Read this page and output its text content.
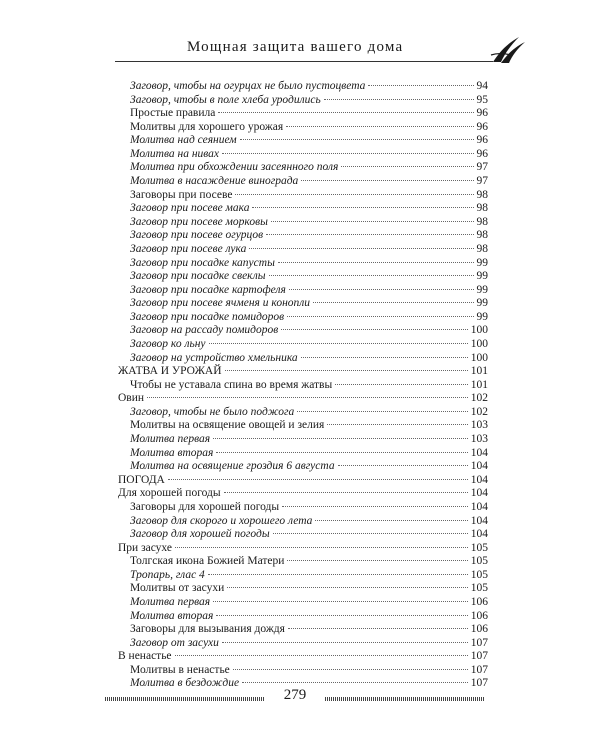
Мощная защита вашего дома
Заговор, чтобы на огурцах не было пустоцвета	94
Заговор, чтобы в поле хлеба уродились	95
Простые правила	96
Молитвы для хорошего урожая	96
Молитва над сеянием	96
Молитва на нивах	96
Молитва при обхождении засеянного поля	97
Молитва в насаждение винограда	97
Заговоры при посеве	98
Заговор при посеве мака	98
Заговор при посеве морковы	98
Заговор при посеве огурцов	98
Заговор при посеве лука	98
Заговор при посадке капусты	99
Заговор при посадке свеклы	99
Заговор при посадке картофеля	99
Заговор при посеве ячменя и конопли	99
Заговор при посадке помидоров	99
Заговор на рассаду помидоров	100
Заговор ко льну	100
Заговор на устройство хмельника	100
ЖАТВА И УРОЖАЙ	101
Чтобы не уставала спина во время жатвы	101
Овин	102
Заговор, чтобы не было поджога	102
Молитвы на освящение овощей и зелия	103
Молитва первая	103
Молитва вторая	104
Молитва на освящение гроздия 6 августа	104
ПОГОДА	104
Для хорошей погоды	104
Заговоры для хорошей погоды	104
Заговор для скорого и хорошего лета	104
Заговор для хорошей погоды	104
При засухе	105
Толгская икона Божией Матери	105
Тропарь, глас 4	105
Молитвы от засухи	105
Молитва первая	106
Молитва вторая	106
Заговоры для вызывания дождя	106
Заговор от засухи	107
В ненастье	107
Молитвы в ненастье	107
Молитва в бездождие	107
279
